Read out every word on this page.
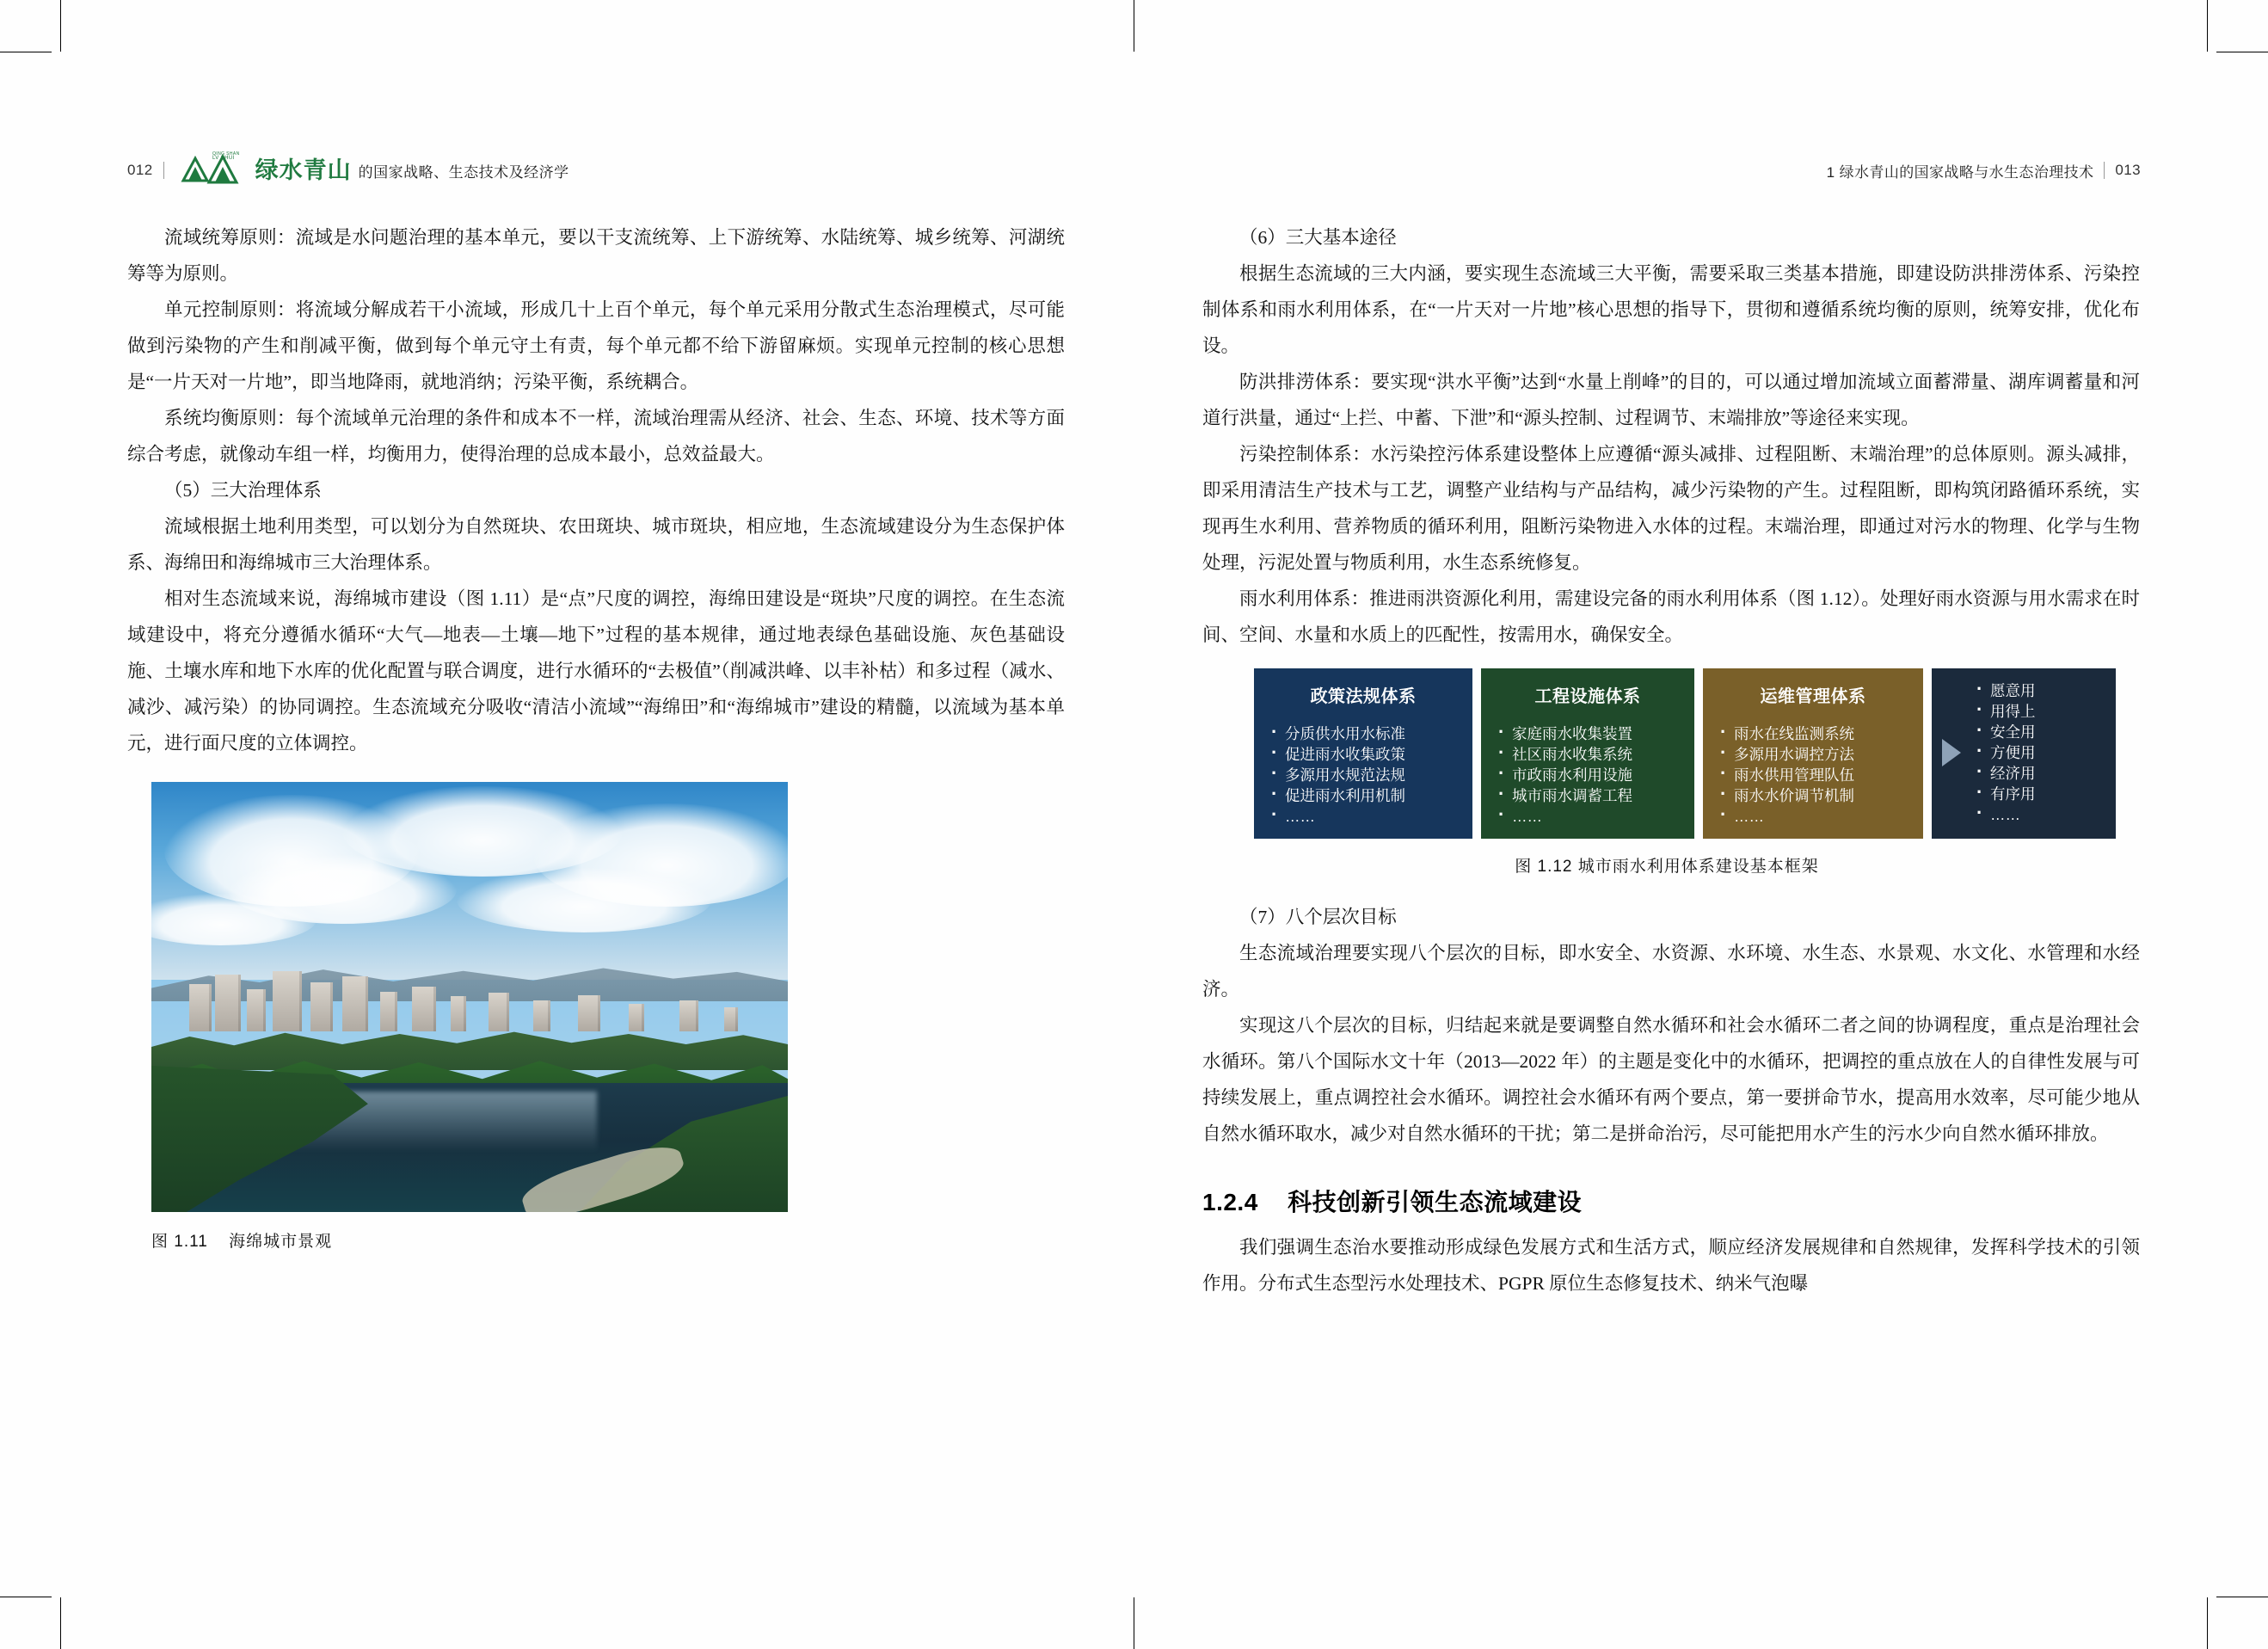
012
LV SHUI
QING SHAN
绿水青山 的国家战略、生态技术及经济学

流域统筹原则：流域是水问题治理的基本单元，要以干支流统筹、上下游统筹、水陆统筹、城乡统筹、河湖统筹等为原则。

单元控制原则：将流域分解成若干小流域，形成几十上百个单元，每个单元采用分散式生态治理模式，尽可能做到污染物的产生和削减平衡，做到每个单元守土有责，每个单元都不给下游留麻烦。实现单元控制的核心思想是“一片天对一片地”，即当地降雨，就地消纳；污染平衡，系统耦合。

系统均衡原则：每个流域单元治理的条件和成本不一样，流域治理需从经济、社会、生态、环境、技术等方面综合考虑，就像动车组一样，均衡用力，使得治理的总成本最小，总效益最大。

（5）三大治理体系

流域根据土地利用类型，可以划分为自然斑块、农田斑块、城市斑块，相应地，生态流域建设分为生态保护体系、海绵田和海绵城市三大治理体系。

相对生态流域来说，海绵城市建设（图 1.11）是“点”尺度的调控，海绵田建设是“斑块”尺度的调控。在生态流域建设中，将充分遵循水循环“大气—地表—土壤—地下”过程的基本规律，通过地表绿色基础设施、灰色基础设施、土壤水库和地下水库的优化配置与联合调度，进行水循环的“去极值”（削减洪峰、以丰补枯）和多过程（减水、减沙、减污染）的协同调控。生态流域充分吸收“清洁小流域”“海绵田”和“海绵城市”建设的精髓，以流域为基本单元，进行面尺度的立体调控。

图 1.11 海绵城市景观
1 绿水青山的国家战略与水生态治理技术 013

（6）三大基本途径

根据生态流域的三大内涵，要实现生态流域三大平衡，需要采取三类基本措施，即建设防洪排涝体系、污染控制体系和雨水利用体系，在“一片天对一片地”核心思想的指导下，贯彻和遵循系统均衡的原则，统筹安排，优化布设。

防洪排涝体系：要实现“洪水平衡”达到“水量上削峰”的目的，可以通过增加流域立面蓄滞量、湖库调蓄量和河道行洪量，通过“上拦、中蓄、下泄”和“源头控制、过程调节、末端排放”等途径来实现。

污染控制体系：水污染控污体系建设整体上应遵循“源头减排、过程阻断、末端治理”的总体原则。源头减排，即采用清洁生产技术与工艺，调整产业结构与产品结构，减少污染物的产生。过程阻断，即构筑闭路循环系统，实现再生水利用、营养物质的循环利用，阻断污染物进入水体的过程。末端治理，即通过对污水的物理、化学与生物处理，污泥处置与物质利用，水生态系统修复。

雨水利用体系：推进雨洪资源化利用，需建设完备的雨水利用体系（图 1.12）。处理好雨水资源与用水需求在时间、空间、水量和水质上的匹配性，按需用水，确保安全。

政策法规体系
· 分质供水用水标准
· 促进雨水收集政策
· 多源用水规范法规
· 促进雨水利用机制
· ……
工程设施体系
· 家庭雨水收集装置
· 社区雨水收集系统
· 市政雨水利用设施
· 城市雨水调蓄工程
· ……
运维管理体系
· 雨水在线监测系统
· 多源用水调控方法
· 雨水供用管理队伍
· 雨水水价调节机制
· ……
· 愿意用
· 用得上
· 安全用
· 方便用
· 经济用
· 有序用
· ……
图 1.12 城市雨水利用体系建设基本框架

（7）八个层次目标

生态流域治理要实现八个层次的目标，即水安全、水资源、水环境、水生态、水景观、水文化、水管理和水经济。

实现这八个层次的目标，归结起来就是要调整自然水循环和社会水循环二者之间的协调程度，重点是治理社会水循环。第八个国际水文十年（2013—2022 年）的主题是变化中的水循环，把调控的重点放在人的自律性发展与可持续发展上，重点调控社会水循环。调控社会水循环有两个要点，第一要拼命节水，提高用水效率，尽可能少地从自然水循环取水，减少对自然水循环的干扰；第二是拼命治污，尽可能把用水产生的污水少向自然水循环排放。

1.2.4 科技创新引领生态流域建设

我们强调生态治水要推动形成绿色发展方式和生活方式，顺应经济发展规律和自然规律，发挥科学技术的引领作用。分布式生态型污水处理技术、PGPR 原位生态修复技术、纳米气泡曝
